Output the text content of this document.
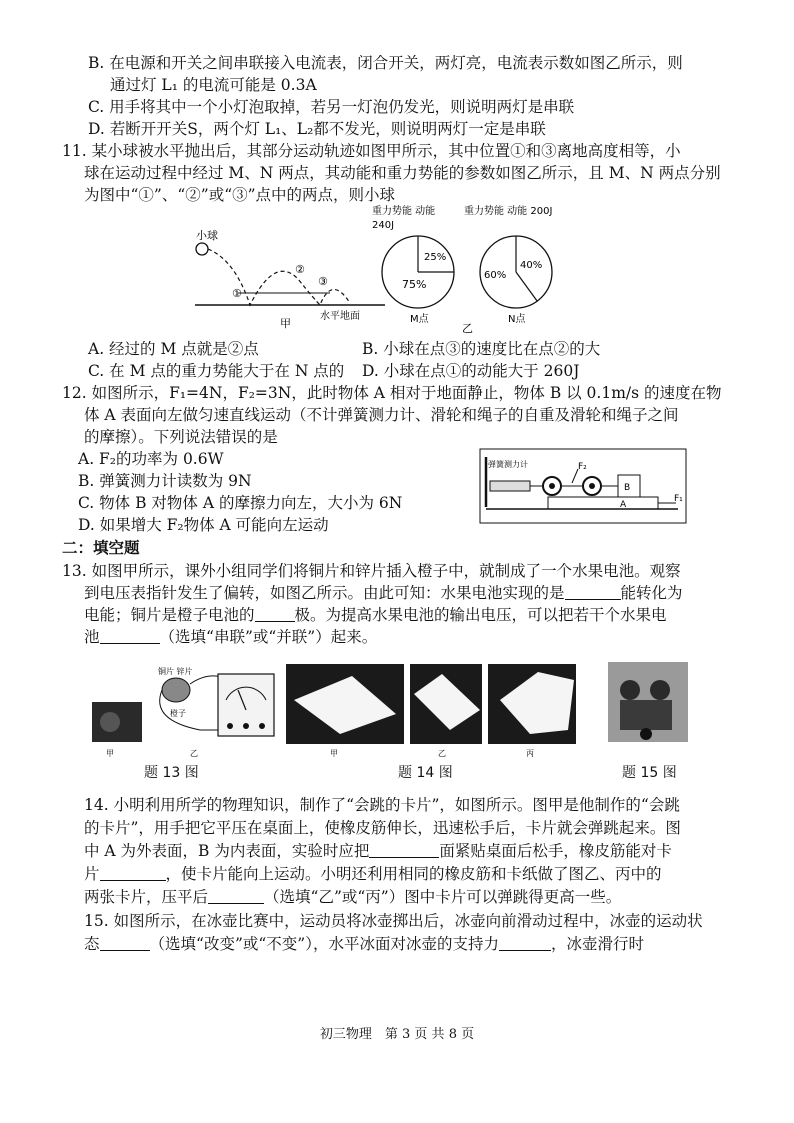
B. 在电源和开关之间串联接入电流表，闭合开关，两灯亮，电流表示数如图乙所示，则
通过灯 L₁ 的电流可能是 0.3A
C. 用手将其中一个小灯泡取掉，若另一灯泡仍发光，则说明两灯是串联
D. 若断开开关S，两个灯 L₁、L₂都不发光，则说明两灯一定是串联
11. 某小球被水平抛出后，其部分运动轨迹如图甲所示，其中位置①和③离地高度相等，小
球在运动过程中经过 M、N 两点，其动能和重力势能的参数如图乙所示，且 M、N 两点分别
为图中“①”、“②”或“③”点中的两点，则小球
小球
①
②
③
水平地面
甲
重力势能 动能
240J
25%
75%
M点
重力势能 动能 200J
60%
40%
N点
乙
A. 经过的 M 点就是②点	B. 小球在点③的速度比在点②的大
C. 在 M 点的重力势能大于在 N 点的 D. 小球在点①的动能大于 260J
12. 如图所示，F₁=4N，F₂=3N，此时物体 A 相对于地面静止，物体 B 以 0.1m/s 的速度在物
体 A 表面向左做匀速直线运动（不计弹簧测力计、滑轮和绳子的自重及滑轮和绳子之间
的摩擦）。下列说法错误的是
A. F₂的功率为 0.6W
B. 弹簧测力计读数为 9N
C. 物体 B 对物体 A 的摩擦力向左，大小为 6N
D. 如果增大 F₂物体 A 可能向左运动
弹簧测力计	F₂
B
A
F₁
二：填空题
13. 如图甲所示，课外小组同学们将铜片和锌片插入橙子中，就制成了一个水果电池。观察
到电压表指针发生了偏转，如图乙所示。由此可知：水果电池实现的是	能转化为
电能；铜片是橙子电池的	极。为提高水果电池的输出电压，可以把若干个水果电
池	（选填“串联”或“并联”）起来。
甲
铜片 锌片
橙子
乙	甲	乙	丙
题 13 图	题 14 图	题 15 图
14. 小明利用所学的物理知识，制作了“会跳的卡片”，如图所示。图甲是他制作的“会跳
的卡片”，用手把它平压在桌面上，使橡皮筋伸长，迅速松手后，卡片就会弹跳起来。图
中 A 为外表面，B 为内表面，实验时应把	面紧贴桌面后松手，橡皮筋能对卡
片	，使卡片能向上运动。小明还利用相同的橡皮筋和卡纸做了图乙、丙中的
两张卡片，压平后	（选填“乙”或“丙”）图中卡片可以弹跳得更高一些。
15. 如图所示，在冰壶比赛中，运动员将冰壶掷出后，冰壶向前滑动过程中，冰壶的运动状
态	（选填“改变”或“不变”），水平冰面对冰壶的支持力	，冰壶滑行时
初三物理　第 3 页 共 8 页
